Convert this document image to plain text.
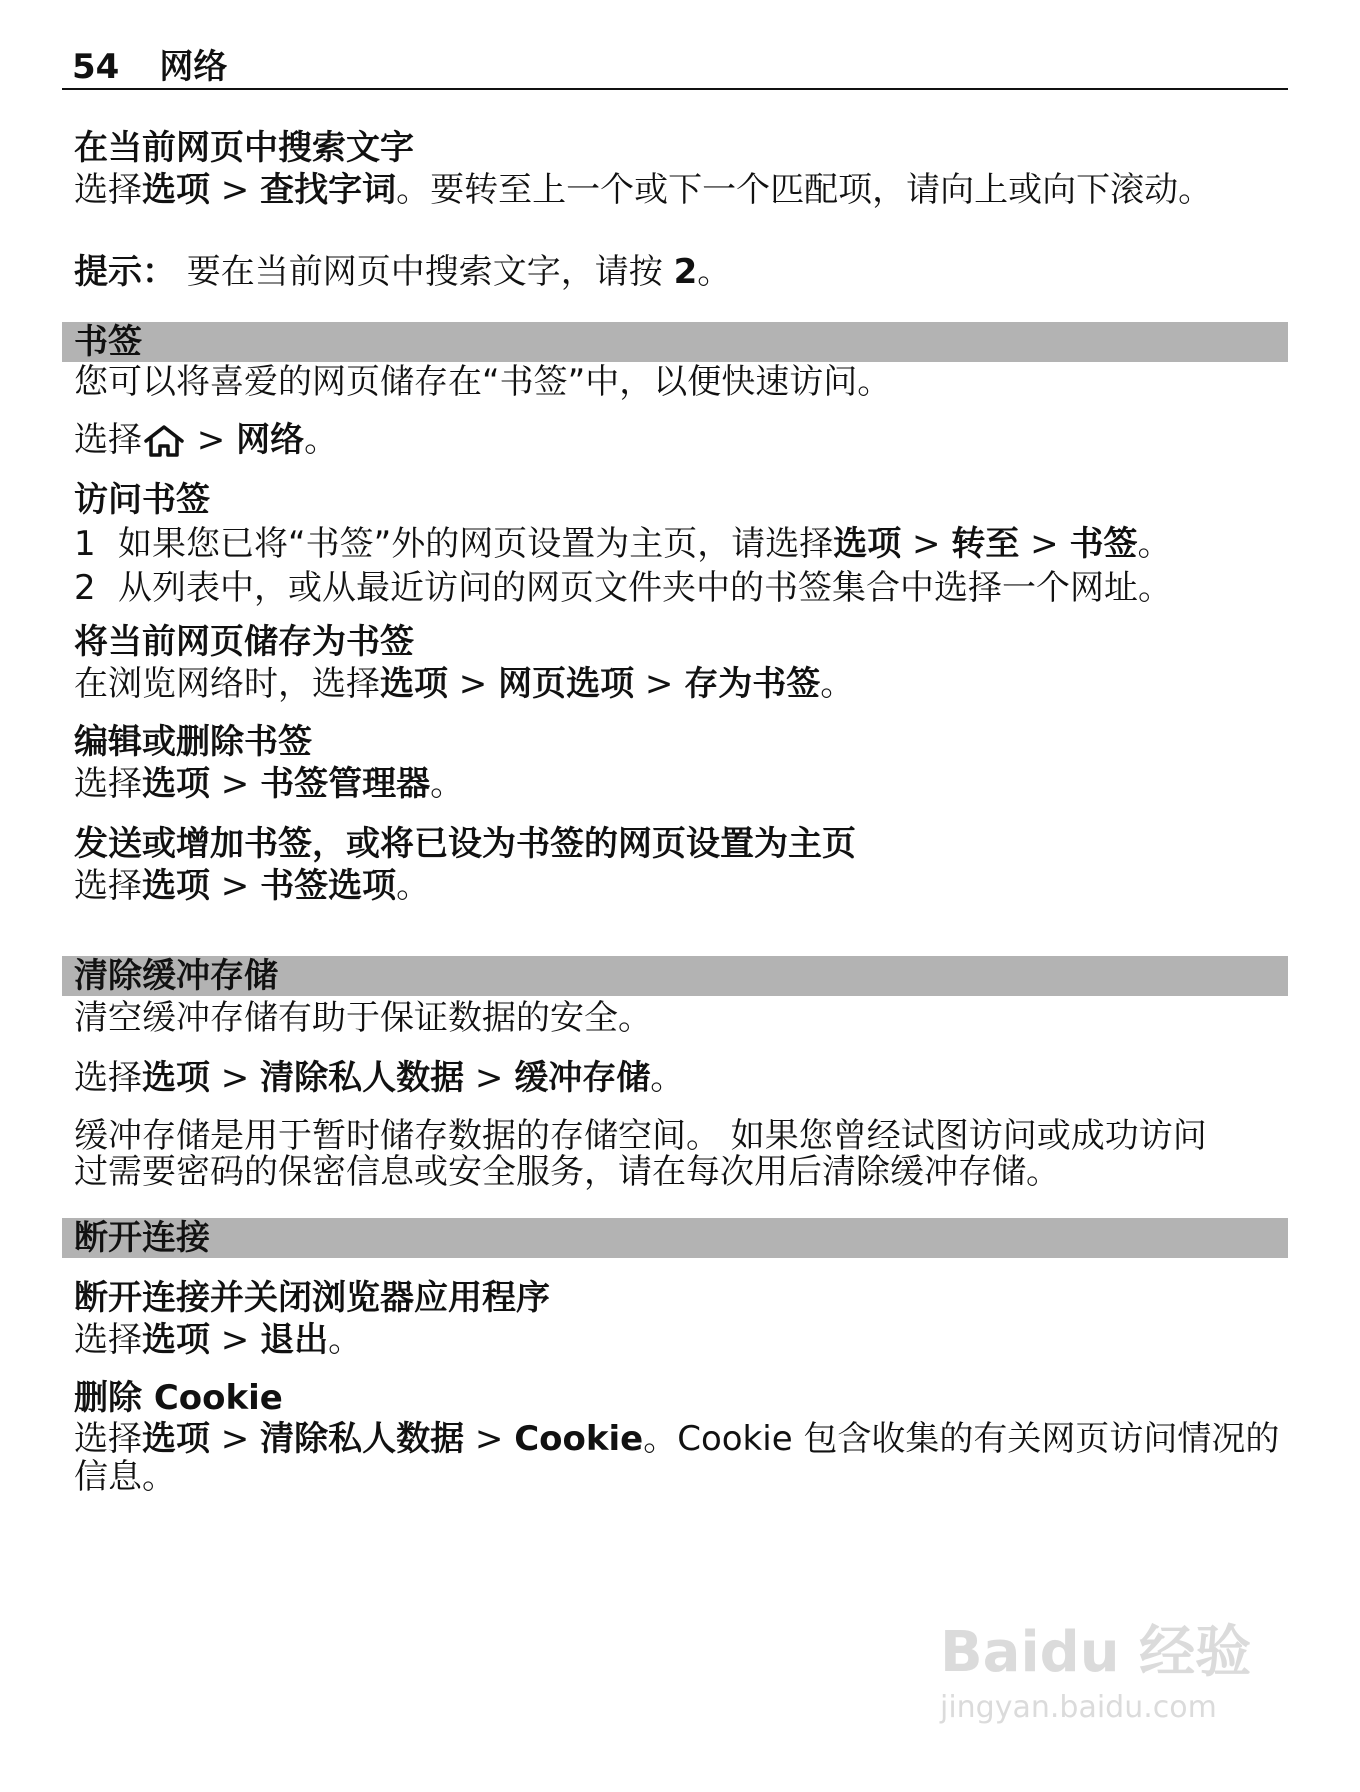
54 网络
在当前网页中搜索文字
选择选项 > 查找字词。要转至上一个或下一个匹配项，请向上或向下滚动。
提示： 要在当前网页中搜索文字，请按 2。
书签
您可以将喜爱的网页储存在“书签”中，以便快速访问。
选择 > 网络。
访问书签
1 如果您已将“书签”外的网页设置为主页，请选择选项 > 转至 > 书签。
2 从列表中，或从最近访问的网页文件夹中的书签集合中选择一个网址。
将当前网页储存为书签
在浏览网络时，选择选项 > 网页选项 > 存为书签。
编辑或删除书签
选择选项 > 书签管理器。
发送或增加书签，或将已设为书签的网页设置为主页
选择选项 > 书签选项。
清除缓冲存储
清空缓冲存储有助于保证数据的安全。
选择选项 > 清除私人数据 > 缓冲存储。
缓冲存储是用于暂时储存数据的存储空间。 如果您曾经试图访问或成功访问
过需要密码的保密信息或安全服务，请在每次用后清除缓冲存储。
断开连接
断开连接并关闭浏览器应用程序
选择选项 > 退出。
删除 Cookie
选择选项 > 清除私人数据 > Cookie。Cookie 包含收集的有关网页访问情况的
信息。
Baidu 经验
jingyan.baidu.com
